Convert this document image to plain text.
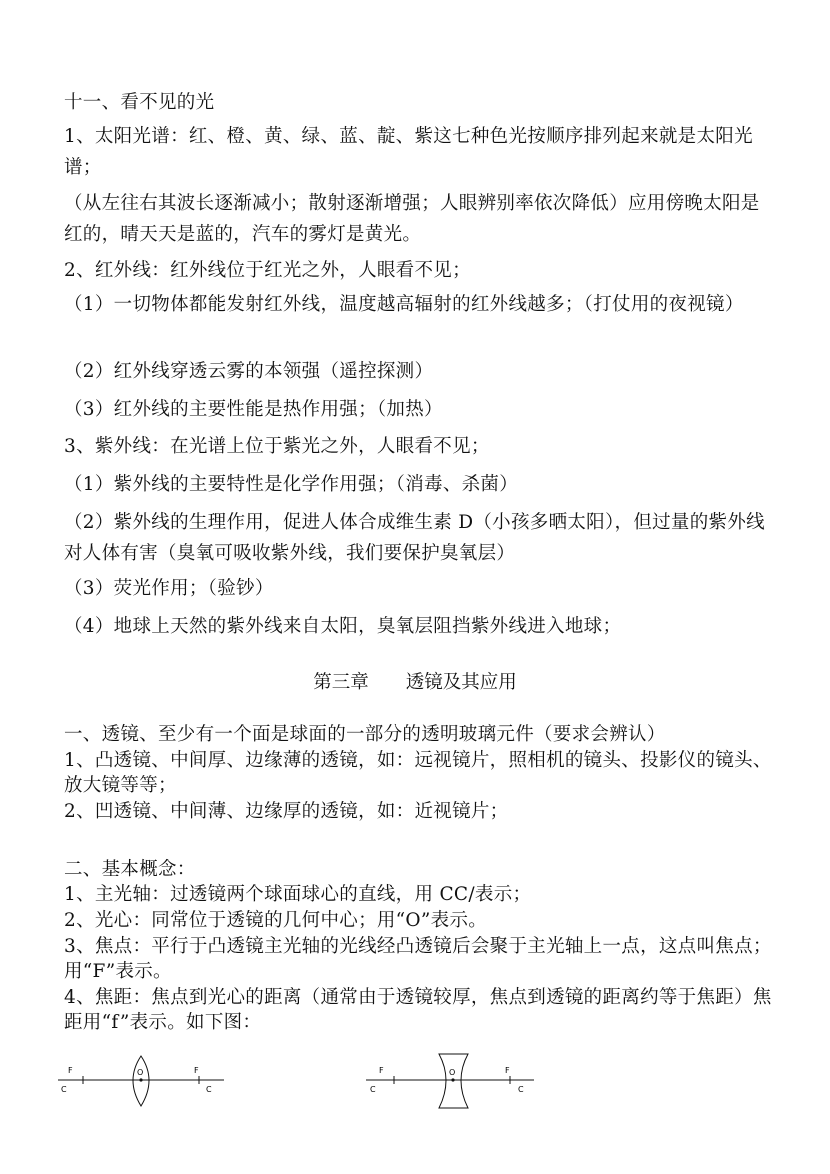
十一、看不见的光

1、太阳光谱：红、橙、黄、绿、蓝、靛、紫这七种色光按顺序排列起来就是太阳光谱；

（从左往右其波长逐渐减小；散射逐渐增强；人眼辨别率依次降低）应用傍晚太阳是红的，晴天天是蓝的，汽车的雾灯是黄光。

2、红外线：红外线位于红光之外，人眼看不见；

（1）一切物体都能发射红外线，温度越高辐射的红外线越多；（打仗用的夜视镜）

（2）红外线穿透云雾的本领强（遥控探测）

（3）红外线的主要性能是热作用强；（加热）

3、紫外线：在光谱上位于紫光之外，人眼看不见；

（1）紫外线的主要特性是化学作用强；（消毒、杀菌）

（2）紫外线的生理作用，促进人体合成维生素 D（小孩多晒太阳），但过量的紫外线对人体有害（臭氧可吸收紫外线，我们要保护臭氧层）

（3）荧光作用；（验钞）

（4）地球上天然的紫外线来自太阳，臭氧层阻挡紫外线进入地球；

第三章　　透镜及其应用

一、透镜、至少有一个面是球面的一部分的透明玻璃元件（要求会辨认）

1、凸透镜、中间厚、边缘薄的透镜，如：远视镜片，照相机的镜头、投影仪的镜头、放大镜等等；

2、凹透镜、中间薄、边缘厚的透镜，如：近视镜片；

二、基本概念：

1、主光轴：过透镜两个球面球心的直线，用 CC/表示；

2、光心：同常位于透镜的几何中心；用“O”表示。

3、焦点：平行于凸透镜主光轴的光线经凸透镜后会聚于主光轴上一点，这点叫焦点；用“F”表示。

4、焦距：焦点到光心的距离（通常由于透镜较厚，焦点到透镜的距离约等于焦距）焦距用“f”表示。如下图：

F	F
C	C
O	F	F
C	C
O
